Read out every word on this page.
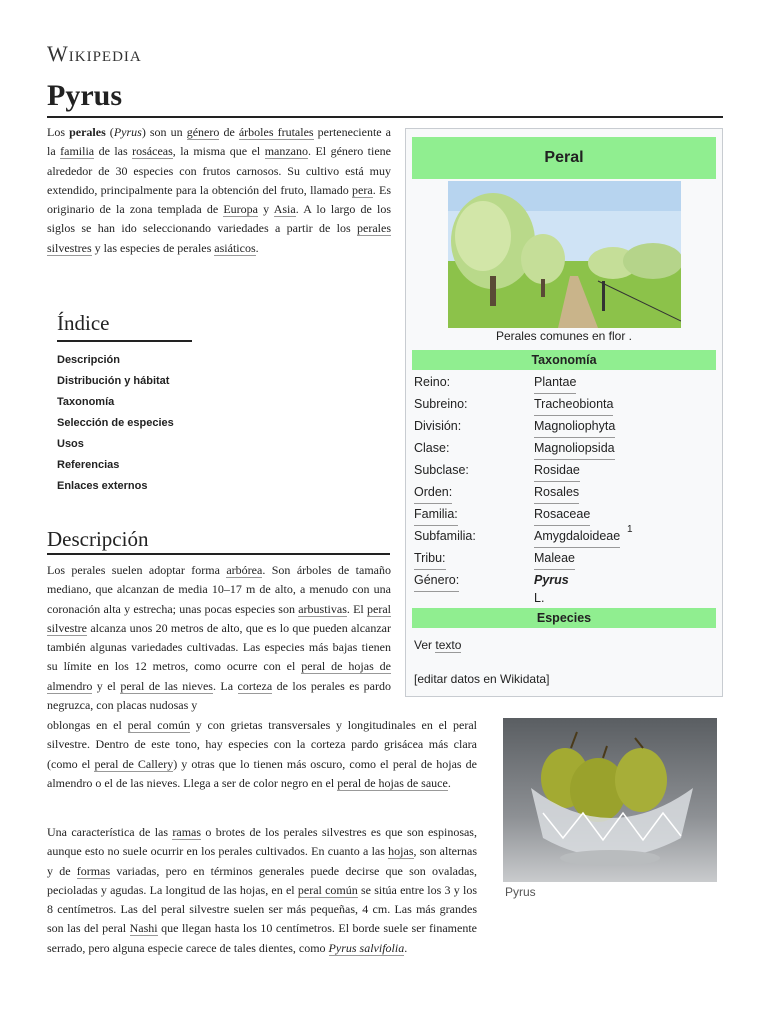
Wikipedia
Pyrus

Los perales (Pyrus) son un género de árboles frutales perteneciente a la familia de las rosáceas, la misma que el manzano. El género tiene alrededor de 30 especies con frutos carnosos. Su cultivo está muy extendido, principalmente para la obtención del fruto, llamado pera. Es originario de la zona templada de Europa y Asia. A lo largo de los siglos se han ido seleccionando variedades a partir de los perales silvestres y las especies de perales asiáticos.

Índice
Descripción
Distribución y hábitat
Taxonomía
Selección de especies
Usos
Referencias
Enlaces externos
Descripción

Los perales suelen adoptar forma arbórea. Son árboles de tamaño mediano, que alcanzan de media 10–17 m de alto, a menudo con una coronación alta y estrecha; unas pocas especies son arbustivas. El peral silvestre alcanza unos 20 metros de alto, que es lo que pueden alcanzar también algunas variedades cultivadas. Las especies más bajas tienen su límite en los 12 metros, como ocurre con el peral de hojas de almendro y el peral de las nieves. La corteza de los perales es pardo negruzca, con placas nudosas y

oblongas en el peral común y con grietas transversales y longitudinales en el peral silvestre. Dentro de este tono, hay especies con la corteza pardo grisácea más clara (como el peral de Callery) y otras que lo tienen más oscuro, como el peral de hojas de almendro o el de las nieves. Llega a ser de color negro en el peral de hojas de sauce.

Una característica de las ramas o brotes de los perales silvestres es que son espinosas, aunque esto no suele ocurrir en los perales cultivados. En cuanto a las hojas, son alternas y de formas variadas, pero en términos generales puede decirse que son ovaladas, pecioladas y agudas. La longitud de las hojas, en el peral común se sitúa entre los 3 y los 8 centímetros. Las del peral silvestre suelen ser más pequeñas, 4 cm. Las más grandes son las del peral Nashi que llegan hasta los 10 centímetros. El borde suele ser finamente serrado, pero alguna especie carece de tales dientes, como Pyrus salvifolia.

Peral
Perales comunes en flor .
Taxonomía
Reino:	Plantae
Subreino:	Tracheobionta
División:	Magnoliophyta
Clase:	Magnoliopsida
Subclase:	Rosidae
Orden:	Rosales
Familia:	Rosaceae
Subfamilia:	Amygdaloideae 1
Tribu:	Maleae
Género:	Pyrus
L.
Especies
Ver texto
[editar datos en Wikidata]
Pyrus
